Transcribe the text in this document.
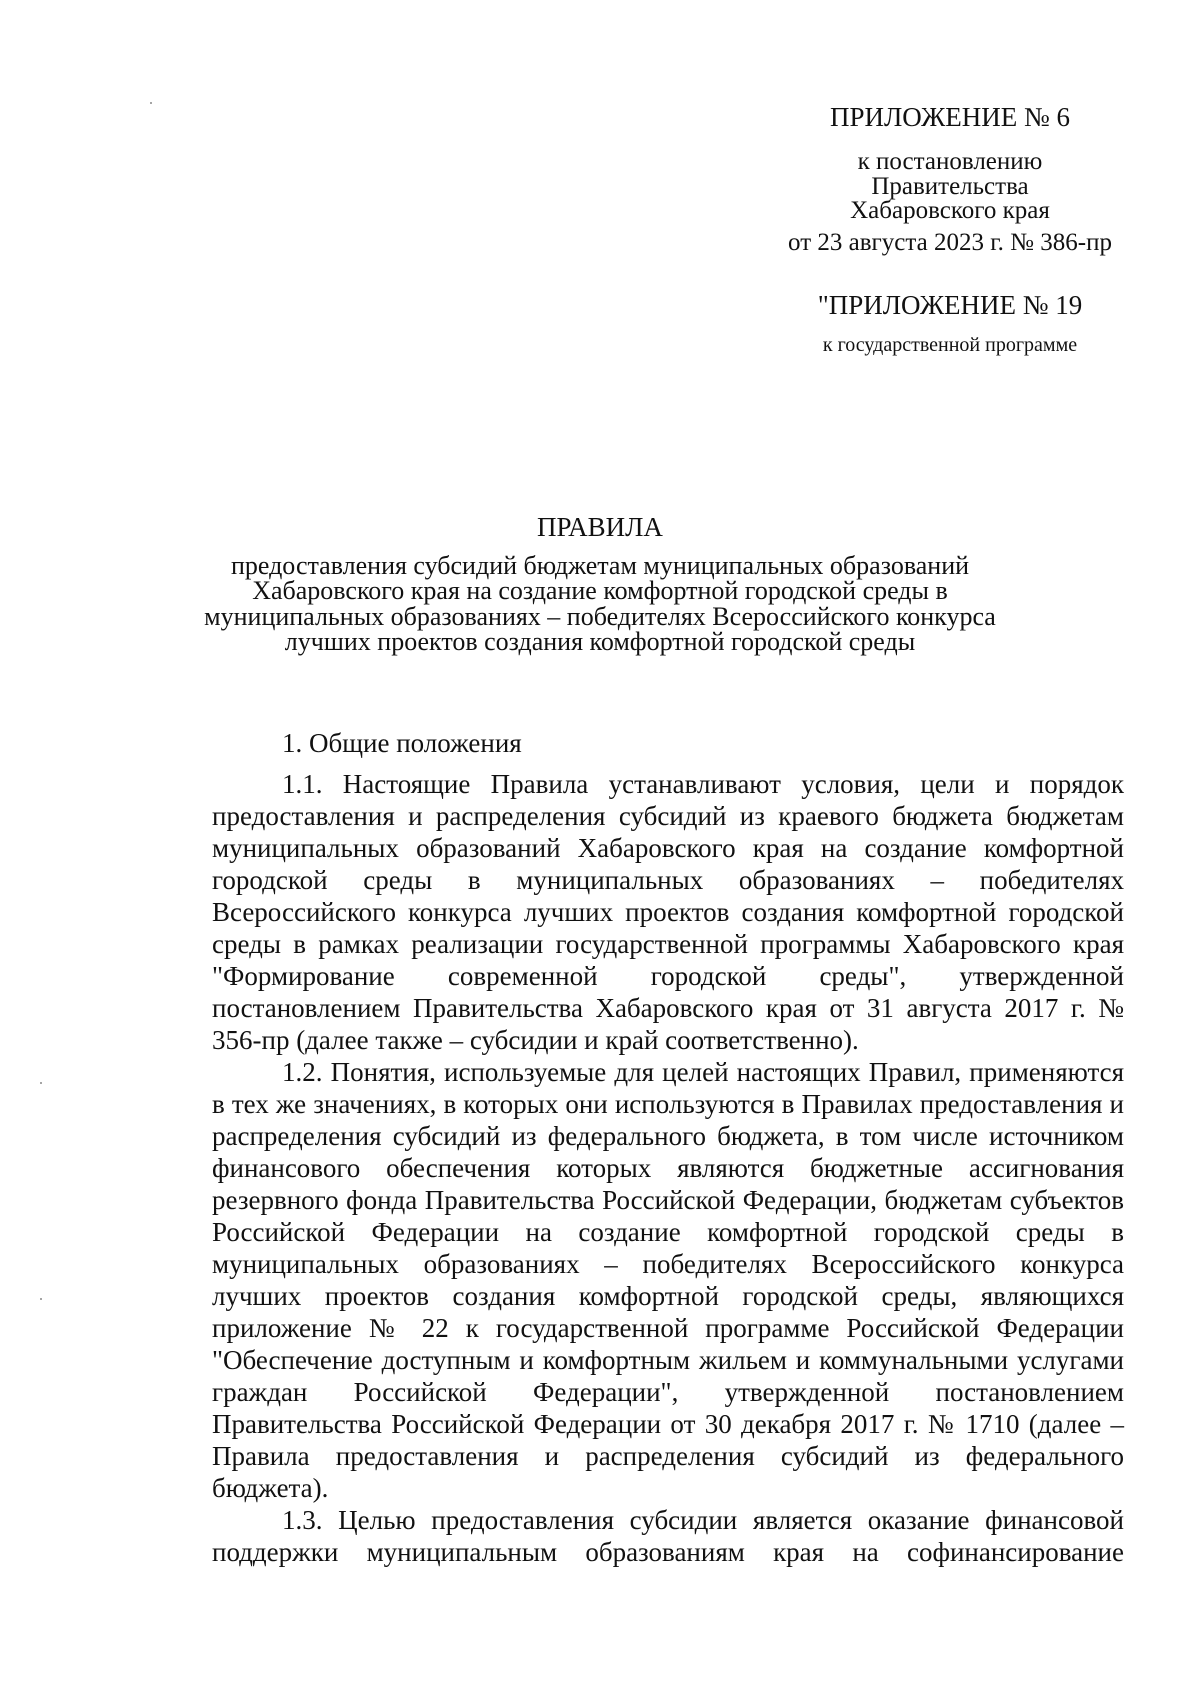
ПРИЛОЖЕНИЕ № 6
к постановлению
Правительства
Хабаровского края
от 23 августа 2023 г. № 386-пр
"ПРИЛОЖЕНИЕ № 19
к государственной программе
ПРАВИЛА
предоставления субсидий бюджетам муниципальных образований
Хабаровского края на создание комфортной городской среды в
муниципальных образованиях – победителях Всероссийского конкурса
лучших проектов создания комфортной городской среды
1. Общие положения

1.1. Настоящие Правила устанавливают условия, цели и порядок предоставления и распределения субсидий из краевого бюджета бюджетам муниципальных образований Хабаровского края на создание комфортной городской среды в муниципальных образованиях – победителях Всероссийского конкурса лучших проектов создания комфортной городской среды в рамках реализации государственной программы Хабаровского края "Формирование современной городской среды", утвержденной постановлением Правительства Хабаровского края от 31 августа 2017 г. № 356-пр (далее также – субсидии и край соответственно).

1.2. Понятия, используемые для целей настоящих Правил, применяются в тех же значениях, в которых они используются в Правилах предоставления и распределения субсидий из федерального бюджета, в том числе источником финансового обеспечения которых являются бюджетные ассигнования резервного фонда Правительства Российской Федерации, бюджетам субъектов Российской Федерации на создание комфортной городской среды в муниципальных образованиях – победителях Всероссийского конкурса лучших проектов создания комфортной городской среды, являющихся приложение № 22 к государственной программе Российской Федерации "Обеспечение доступным и комфортным жильем и коммунальными услугами граждан Российской Федерации", утвержденной постановлением Правительства Российской Федерации от 30 декабря 2017 г. № 1710 (далее – Правила предоставления и распределения субсидий из федерального бюджета).

1.3. Целью предоставления субсидии является оказание финансовой поддержки муниципальным образованиям края на софинансирование
